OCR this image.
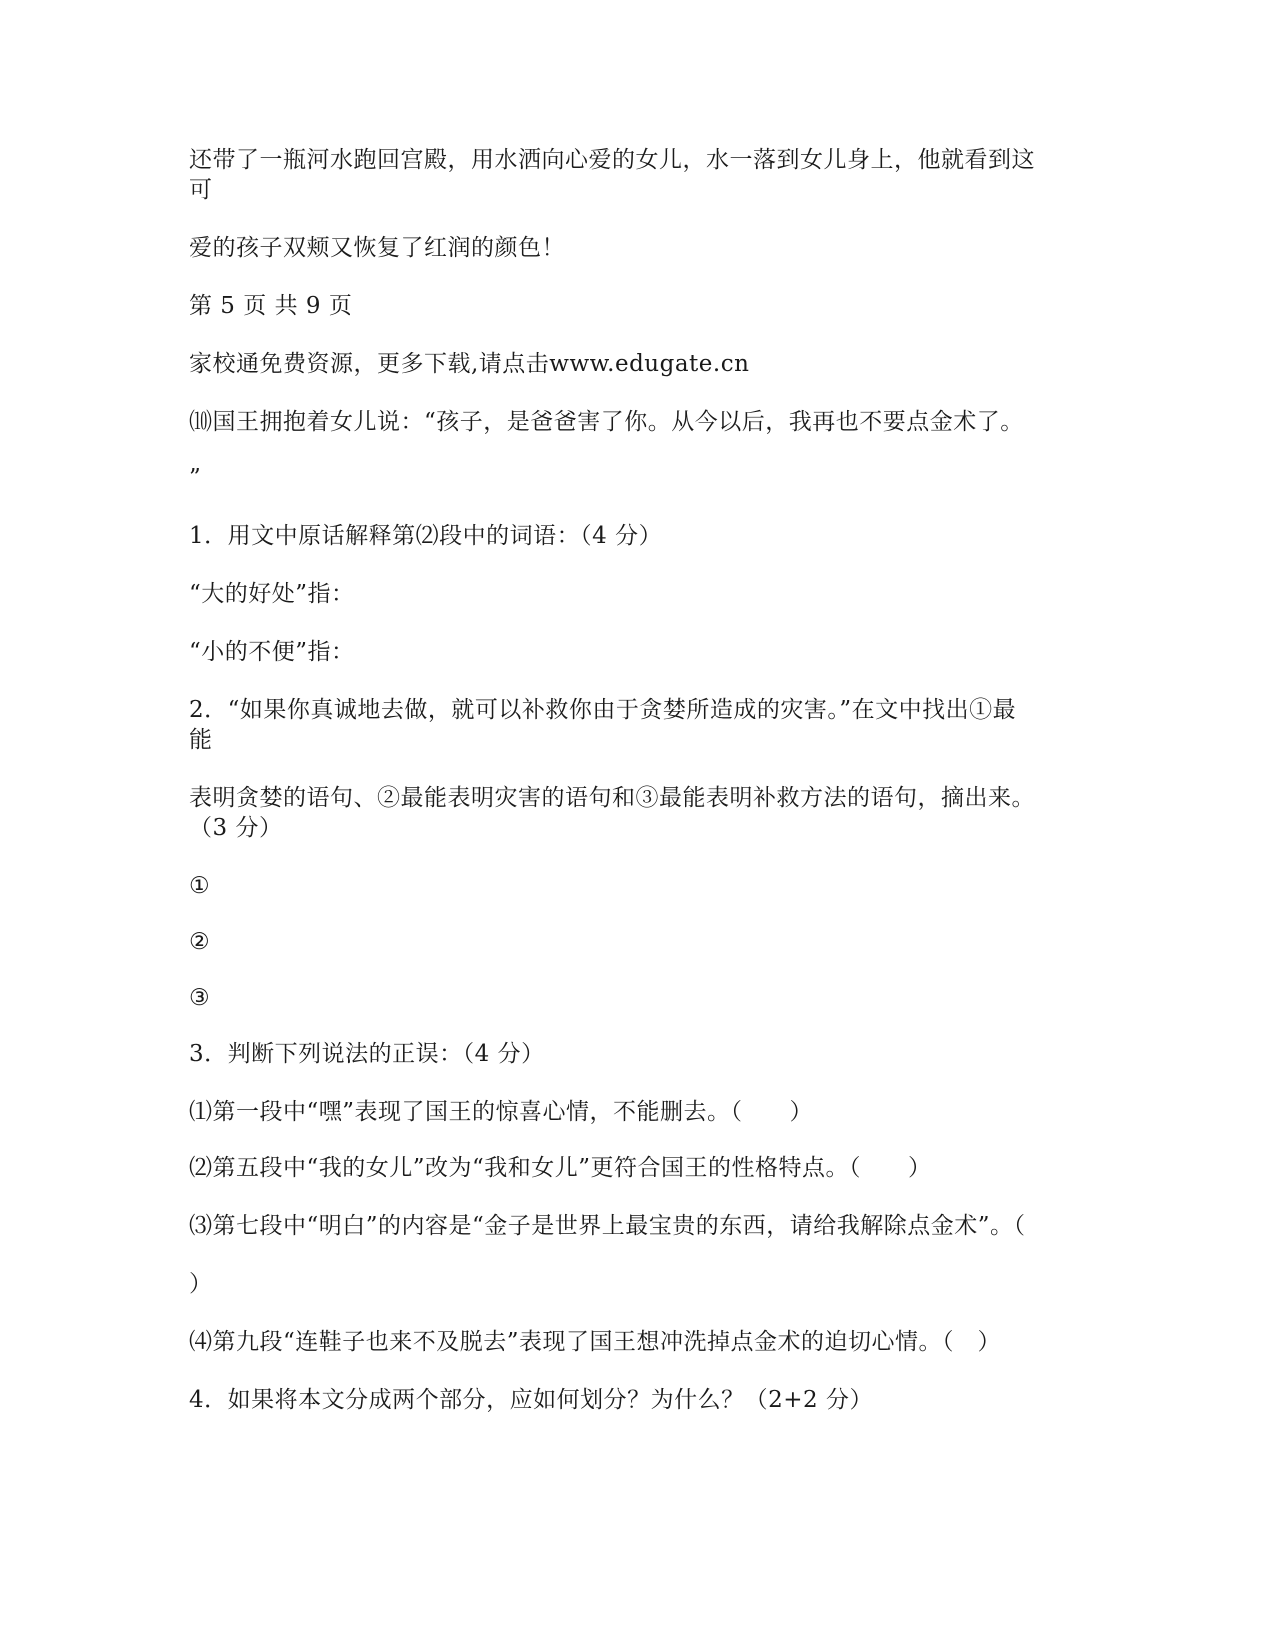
还带了一瓶河水跑回宫殿，用水洒向心爱的女儿，水一落到女儿身上，他就看到这
可
爱的孩子双颊又恢复了红润的颜色！
第 5 页 共 9 页
家校通免费资源，更多下载,请点击www.edugate.cn
⑽国王拥抱着女儿说：“孩子，是爸爸害了你。从今以后，我再也不要点金术了。
”
1．用文中原话解释第⑵段中的词语：（4 分）
“大的好处”指：
“小的不便”指：
2．“如果你真诚地去做，就可以补救你由于贪婪所造成的灾害。”在文中找出①最
能
表明贪婪的语句、②最能表明灾害的语句和③最能表明补救方法的语句，摘出来。
（3 分）
①
②
③
3．判断下列说法的正误：（4 分）
⑴第一段中“嘿”表现了国王的惊喜心情，不能删去。（　　）
⑵第五段中“我的女儿”改为“我和女儿”更符合国王的性格特点。（　　）
⑶第七段中“明白”的内容是“金子是世界上最宝贵的东西，请给我解除点金术”。（
）
⑷第九段“连鞋子也来不及脱去”表现了国王想冲洗掉点金术的迫切心情。（　）
4．如果将本文分成两个部分，应如何划分？为什么？（2+2 分）
